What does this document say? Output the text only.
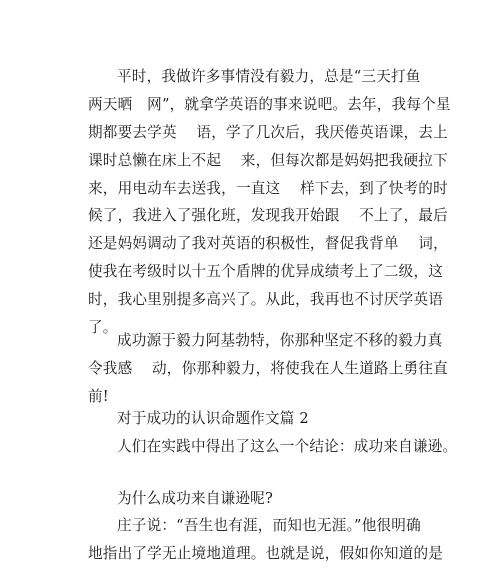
平时，我做许多事情没有毅力，总是“三天打鱼
两天晒　网”，就拿学英语的事来说吧。去年，我每个星
期都要去学英　 语，学了几次后，我厌倦英语课，去上
课时总懒在床上不起　 来，但每次都是妈妈把我硬拉下
来，用电动车去送我，一直这　 样下去，到了快考的时
候了，我进入了强化班，发现我开始跟　 不上了，最后
还是妈妈调动了我对英语的积极性，督促我背单　 词，
使我在考级时以十五个盾牌的优异成绩考上了二级，这
时，我心里别提多高兴了。从此，我再也不讨厌学英语
了。
成功源于毅力阿基勃特，你那种坚定不移的毅力真
令我感　 动，你那种毅力，将使我在人生道路上勇往直
前!
对于成功的认识命题作文篇 2
人们在实践中得出了这么一个结论：成功来自谦逊。
为什么成功来自谦逊呢?
庄子说：“吾生也有涯，而知也无涯。”他很明确
地指出了学无止境地道理。也就是说，假如你知道的是
